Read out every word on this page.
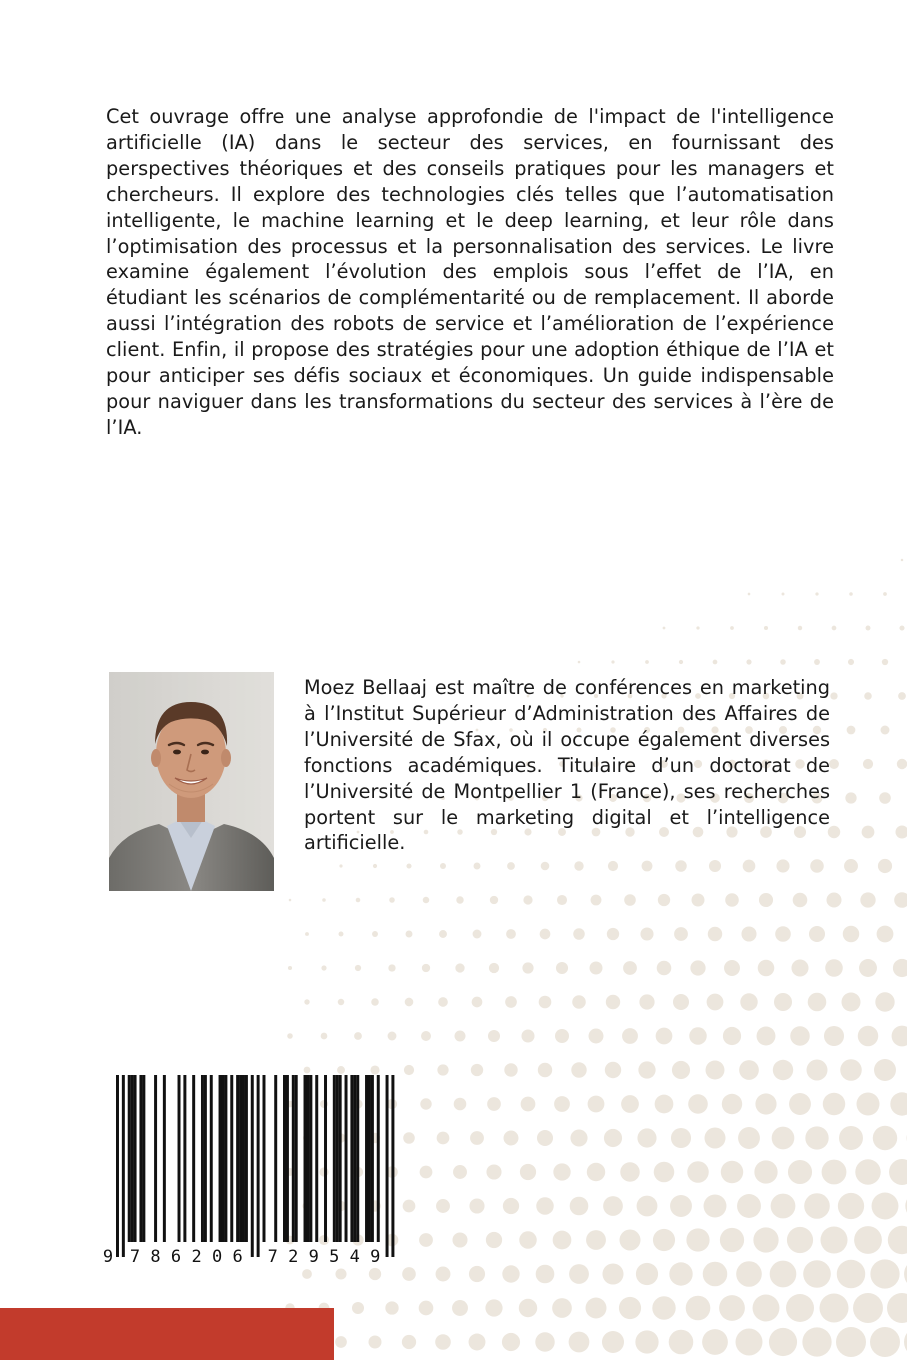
Cet ouvrage offre une analyse approfondie de l'impact de l'intelligence artificielle (IA) dans le secteur des services, en fournissant des perspectives théoriques et des conseils pratiques pour les managers et chercheurs. Il explore des technologies clés telles que l’automatisation intelligente, le machine learning et le deep learning, et leur rôle dans l’optimisation des processus et la personnalisation des services. Le livre examine également l’évolution des emplois sous l’effet de l’IA, en étudiant les scénarios de complémentarité ou de remplacement. Il aborde aussi l’intégration des robots de service et l’amélioration de l’expérience client. Enfin, il propose des stratégies pour une adoption éthique de l’IA et pour anticiper ses défis sociaux et économiques. Un guide indispensable pour naviguer dans les transformations du secteur des services à l’ère de l’IA.

Moez Bellaaj est maître de conférences en marketing à l’Institut Supérieur d’Administration des Affaires de l’Université de Sfax, où il occupe également diverses fonctions académiques. Titulaire d’un doctorat de l’Université de Montpellier 1 (France), ses recherches portent sur le marketing digital et l’intelligence artificielle.

9 7 8 6 2 0 6 7 2 9 5 4 9
